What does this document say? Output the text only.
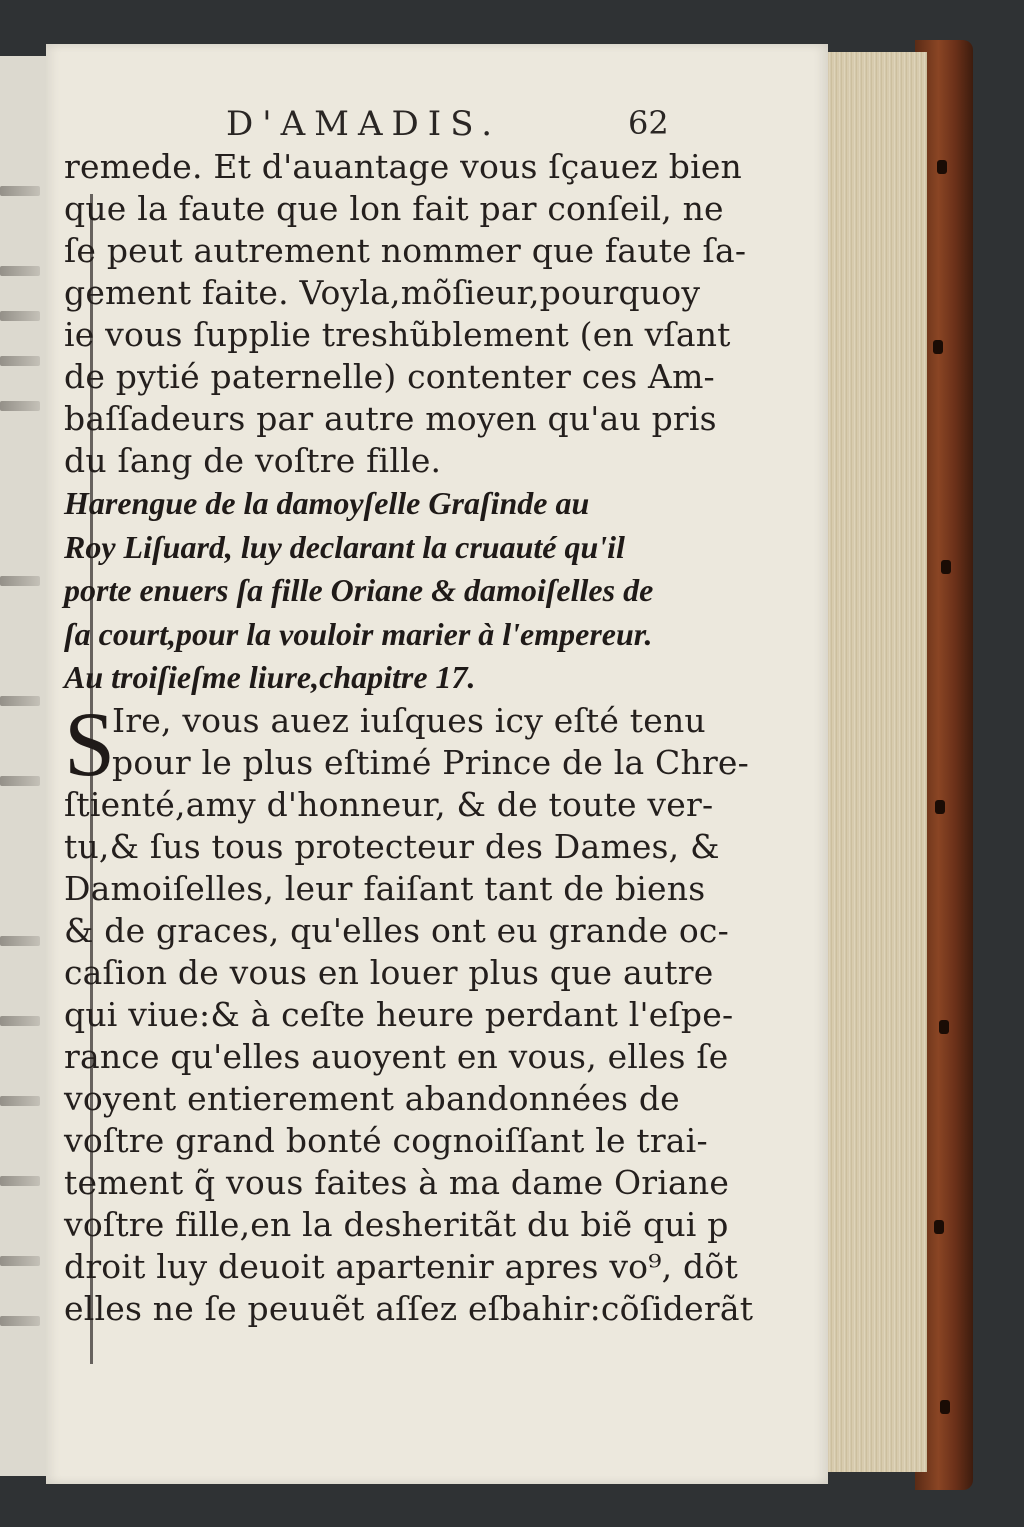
D'AMADIS.	62
remede. Et d'auantage vous ſçauez bien
que la faute que lon fait par conſeil, ne
ſe peut autrement nommer que faute ſa-
gement faite. Voyla,mõſieur,pourquoy
ie vous ſupplie treshũblement (en vſant
de pytié paternelle) contenter ces Am-
baſſadeurs par autre moyen qu'au pris
du ſang de voſtre fille.
Harengue de la damoyſelle Graſinde au
Roy Liſuard, luy declarant la cruauté qu'il
porte enuers ſa fille Oriane & damoiſelles de
ſa court,pour la vouloir marier à l'empereur.
Au troiſieſme liure,chapitre 17.
S
Ire, vous auez iuſques icy eſté tenu
pour le plus eſtimé Prince de la Chre-
ſtienté,amy d'honneur, & de toute ver-
tu,& ſus tous protecteur des Dames, &
Damoiſelles, leur faiſant tant de biens
& de graces, qu'elles ont eu grande oc-
caſion de vous en louer plus que autre
qui viue:& à ceſte heure perdant l'eſpe-
rance qu'elles auoyent en vous, elles ſe
voyent entierement abandonnées de
voſtre grand bonté cognoiſſant le trai-
tement q̃ vous faites à ma dame Oriane
voſtre fille,en la desheritãt du biẽ qui p
droit luy deuoit apartenir apres vo⁹, dõt
elles ne ſe peuuẽt aſſez eſbahir:cõſiderãt
